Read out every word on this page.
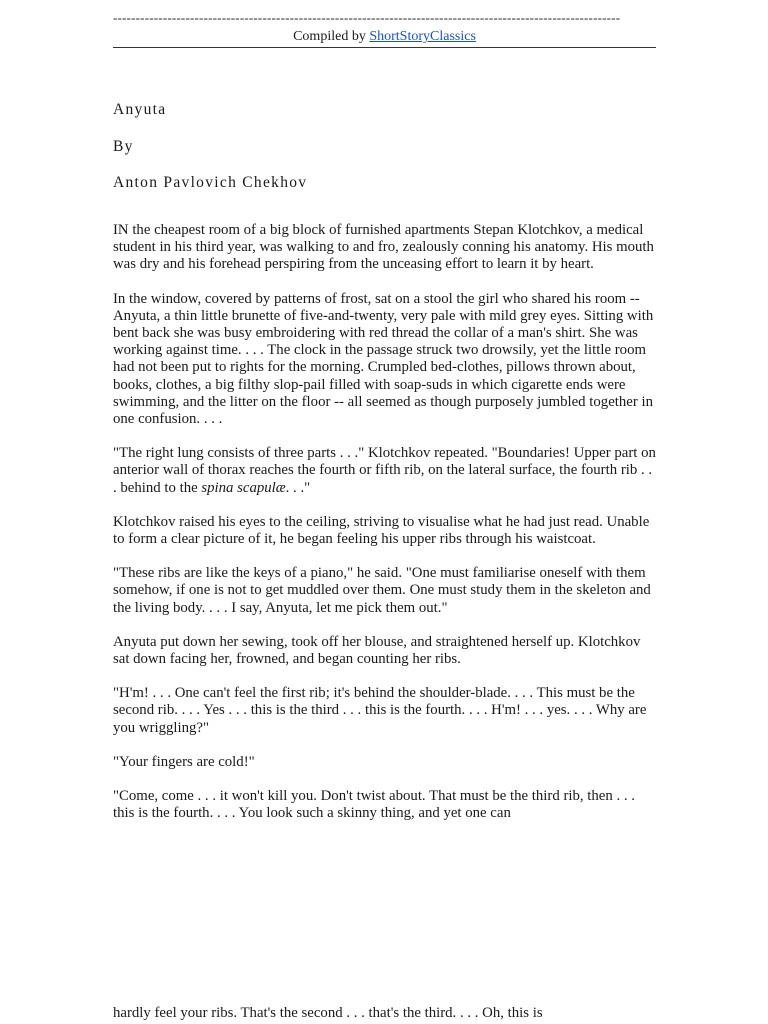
----------------------------------------------------------------------------------------------------------------
Compiled by ShortStoryClassics
Anyuta
By
Anton Pavlovich Chekhov

IN the cheapest room of a big block of furnished apartments Stepan Klotchkov, a medical student in his third year, was walking to and fro, zealously conning his anatomy. His mouth was dry and his forehead perspiring from the unceasing effort to learn it by heart.

In the window, covered by patterns of frost, sat on a stool the girl who shared his room -- Anyuta, a thin little brunette of five-and-twenty, very pale with mild grey eyes. Sitting with bent back she was busy embroidering with red thread the collar of a man's shirt. She was working against time. . . . The clock in the passage struck two drowsily, yet the little room had not been put to rights for the morning. Crumpled bed-clothes, pillows thrown about, books, clothes, a big filthy slop-pail filled with soap-suds in which cigarette ends were swimming, and the litter on the floor -- all seemed as though purposely jumbled together in one confusion. . . .

"The right lung consists of three parts . . ." Klotchkov repeated. "Boundaries! Upper part on anterior wall of thorax reaches the fourth or fifth rib, on the lateral surface, the fourth rib . . . behind to the spina scapulæ. . ."

Klotchkov raised his eyes to the ceiling, striving to visualise what he had just read. Unable to form a clear picture of it, he began feeling his upper ribs through his waistcoat.

"These ribs are like the keys of a piano," he said. "One must familiarise oneself with them somehow, if one is not to get muddled over them. One must study them in the skeleton and the living body. . . . I say, Anyuta, let me pick them out."

Anyuta put down her sewing, took off her blouse, and straightened herself up. Klotchkov sat down facing her, frowned, and began counting her ribs.

"H'm! . . . One can't feel the first rib; it's behind the shoulder-blade. . . . This must be the second rib. . . . Yes . . . this is the third . . . this is the fourth. . . . H'm! . . . yes. . . . Why are you wriggling?"

"Your fingers are cold!"

"Come, come . . . it won't kill you. Don't twist about. That must be the third rib, then . . . this is the fourth. . . . You look such a skinny thing, and yet one can

hardly feel your ribs. That's the second . . . that's the third. . . . Oh, this is
